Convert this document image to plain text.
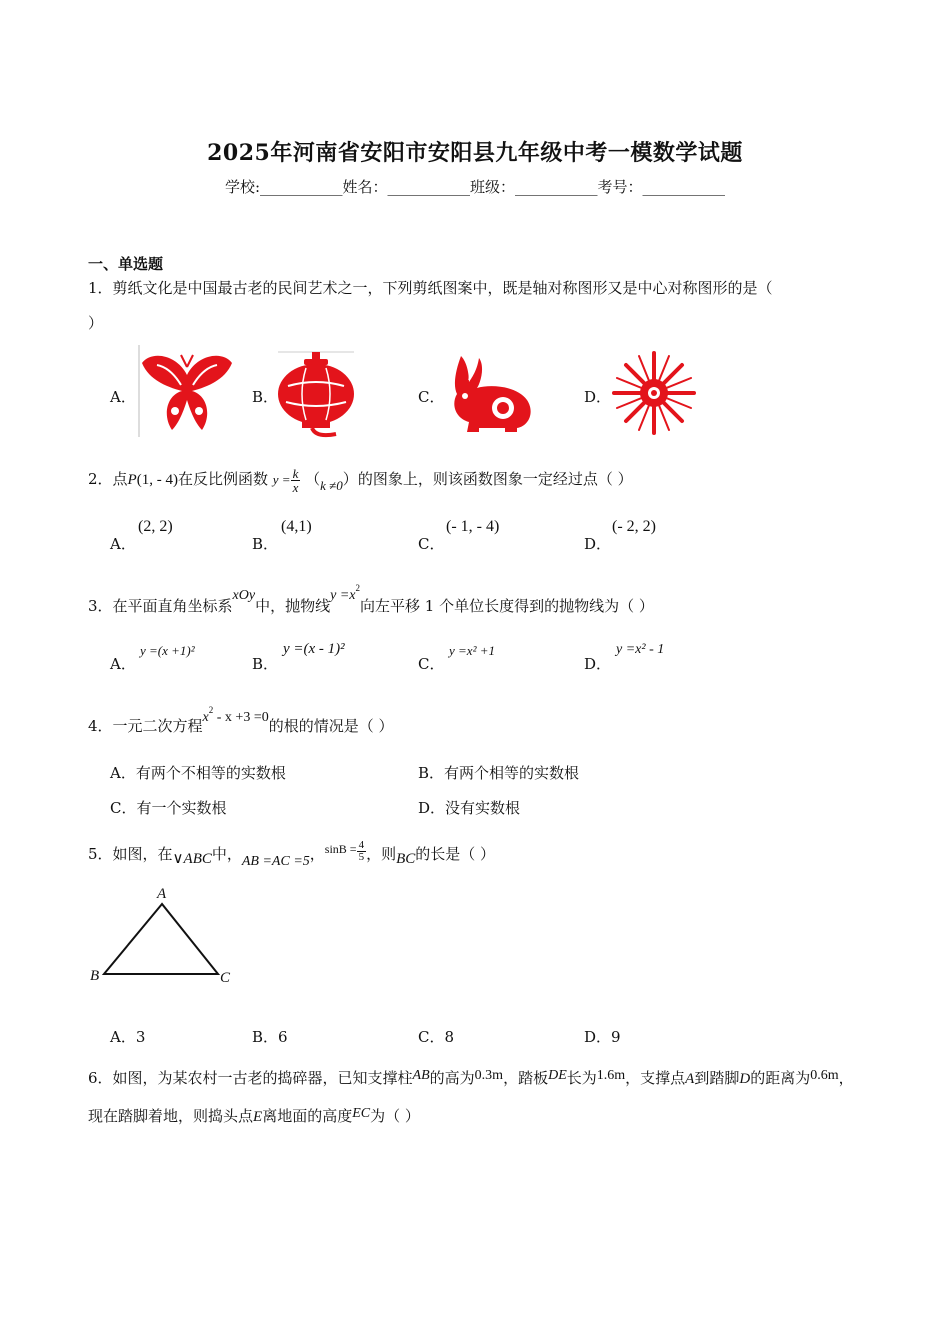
2025年河南省安阳市安阳县九年级中考一模数学试题
学校:___________姓名：___________班级：___________考号：___________
一、单选题
1．剪纸文化是中国最古老的民间艺术之一，下列剪纸图案中，既是轴对称图形又是中心对称图形的是（
）
A．	B．	C．	D．
2．点P(1, - 4)在反比例函数 $y = \frac{k}{x} (k \ne 0)$的图象上，则该函数图象一定经过点（ ）
A．
(2, 2)
B．
(4,1)
C．
(- 1, - 4)
D．
(- 2, 2)
3．在平面直角坐标系xOy中，抛物线$y =x^2$向左平移 1 个单位长度得到的抛物线为（ ）
A．
y =(x +1)²
B．
y =(x - 1)²
C．
y =x² +1
D．
y =x² - 1
4．一元二次方程$x^2 - x +3 =0$的根的情况是（ ）
A．有两个不相等的实数根	B．有两个相等的实数根
C．有一个实数根	D．没有实数根
5．如图，在∨ABC中，AB =AC =5，$^{sinB =} \frac{4}{5}$ ，则BC的长是（ ）
A
B	C
A．3	B．6	C．8	D．9
6．如图，为某农村一古老的捣碎器，已知支撑柱AB的高为0.3m，踏板DE长为1.6m，支撑点A到踏脚D的距离为0.6m，现在踏脚着地，则捣头点E离地面的高度EC为（ ）
